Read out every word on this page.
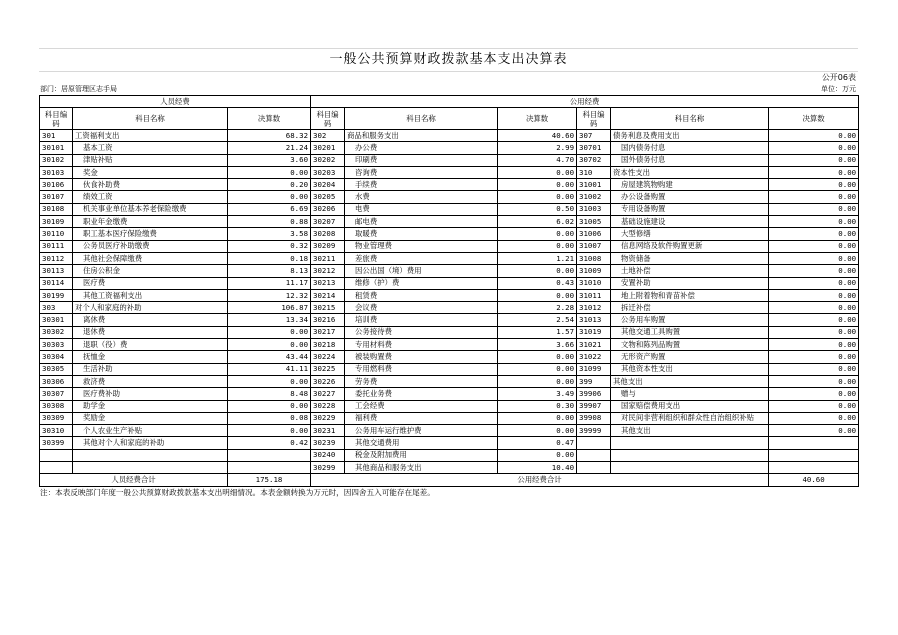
一般公共预算财政拨款基本支出决算表
公开06表
部门：居原管理区志手局	单位：万元
人员经费			公用经费					
科目编码	科目名称	决算数	科目编码	科目名称	决算数	科目编码	科目名称	决算数
301	工资福利支出	68.32	302	商品和服务支出	40.60	307	债务利息及费用支出	0.00
30101	基本工资	21.24	30201	办公费	2.99	30701	国内债务付息	0.00
30102	津贴补贴	3.60	30202	印刷费	4.70	30702	国外债务付息	0.00
30103	奖金	0.00	30203	咨询费	0.00	310	资本性支出	0.00
30106	伙食补助费	0.20	30204	手续费	0.00	31001	房屋建筑物购建	0.00
30107	绩效工资	0.00	30205	水费	0.00	31002	办公设备购置	0.00
30108	机关事业单位基本养老保险缴费	6.69	30206	电费	0.50	31003	专用设备购置	0.00
30109	职业年金缴费	0.88	30207	邮电费	6.02	31005	基础设施建设	0.00
30110	职工基本医疗保险缴费	3.58	30208	取暖费	0.00	31006	大型修缮	0.00
30111	公务员医疗补助缴费	0.32	30209	物业管理费	0.00	31007	信息网络及软件购置更新	0.00
30112	其他社会保障缴费	0.18	30211	差旅费	1.21	31008	物资储备	0.00
30113	住房公积金	8.13	30212	因公出国（境）费用	0.00	31009	土地补偿	0.00
30114	医疗费	11.17	30213	维修（护）费	0.43	31010	安置补助	0.00
30199	其他工资福利支出	12.32	30214	租赁费	0.00	31011	地上附着物和青苗补偿	0.00
303	对个人和家庭的补助	106.87	30215	会议费	2.28	31012	拆迁补偿	0.00
30301	离休费	13.34	30216	培训费	2.54	31013	公务用车购置	0.00
30302	退休费	0.00	30217	公务接待费	1.57	31019	其他交通工具购置	0.00
30303	退职（役）费	0.00	30218	专用材料费	3.66	31021	文物和陈列品购置	0.00
30304	抚恤金	43.44	30224	被装购置费	0.00	31022	无形资产购置	0.00
30305	生活补助	41.11	30225	专用燃料费	0.00	31099	其他资本性支出	0.00
30306	救济费	0.00	30226	劳务费	0.00	399	其他支出	0.00
30307	医疗费补助	8.48	30227	委托业务费	3.49	39906	赠与	0.00
30308	助学金	0.00	30228	工会经费	0.30	39907	国家赔偿费用支出	0.00
30309	奖励金	0.08	30229	福利费	0.00	39908	对民间非营利组织和群众性自治组织补贴	0.00
30310	个人农业生产补贴	0.00	30231	公务用车运行维护费	0.00	39999	其他支出	0.00
30399	其他对个人和家庭的补助	0.42	30239	其他交通费用	0.47			
			30240	税金及附加费用	0.00			
			30299	其他商品和服务支出	10.40			
人员经费合计		175.18	公用经费合计					40.60
注：本表反映部门年度一般公共预算财政拨款基本支出明细情况。本表金额转换为万元时，因四舍五入可能存在尾差。
